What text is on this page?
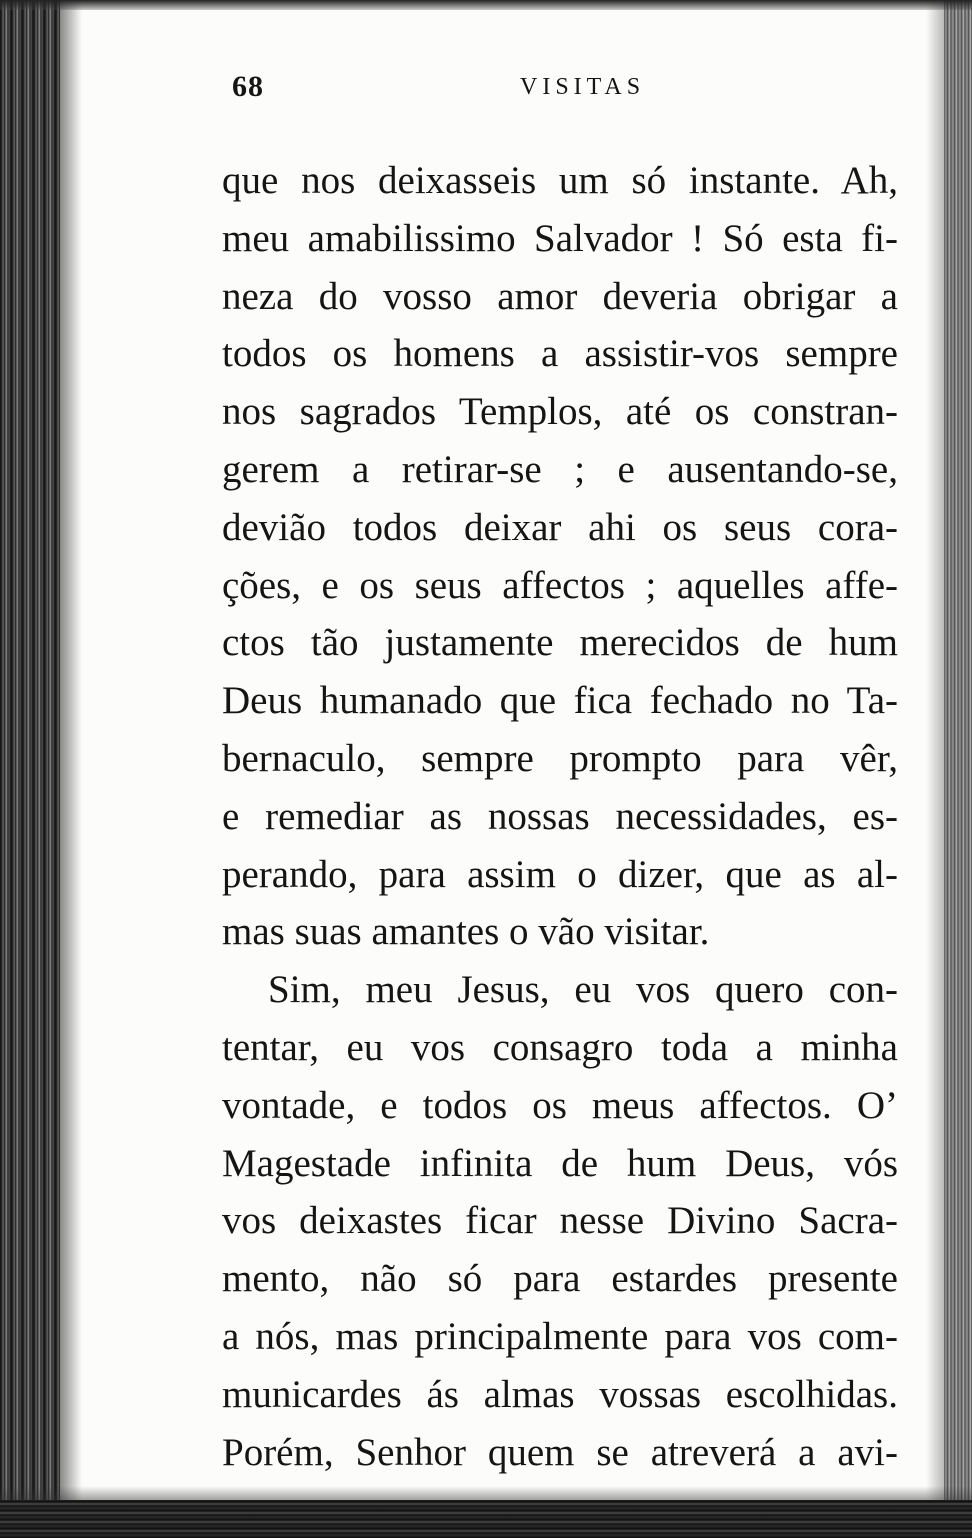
68	VISITAS
que nos deixasseis um só instante. Ah,
meu amabilissimo Salvador ! Só esta fi-
neza do vosso amor deveria obrigar a
todos os homens a assistir-vos sempre
nos sagrados Templos, até os constran-
gerem a retirar-se ; e ausentando-se,
devião todos deixar ahi os seus cora-
ções, e os seus affectos ; aquelles affe-
ctos tão justamente merecidos de hum
Deus humanado que fica fechado no Ta-
bernaculo, sempre prompto para vêr,
e remediar as nossas necessidades, es-
perando, para assim o dizer, que as al-
mas suas amantes o vão visitar.
Sim, meu Jesus, eu vos quero con-
tentar, eu vos consagro toda a minha
vontade, e todos os meus affectos. O’
Magestade infinita de hum Deus, vós
vos deixastes ficar nesse Divino Sacra-
mento, não só para estardes presente
a nós, mas principalmente para vos com-
municardes ás almas vossas escolhidas.
Porém, Senhor quem se atreverá a avi-
